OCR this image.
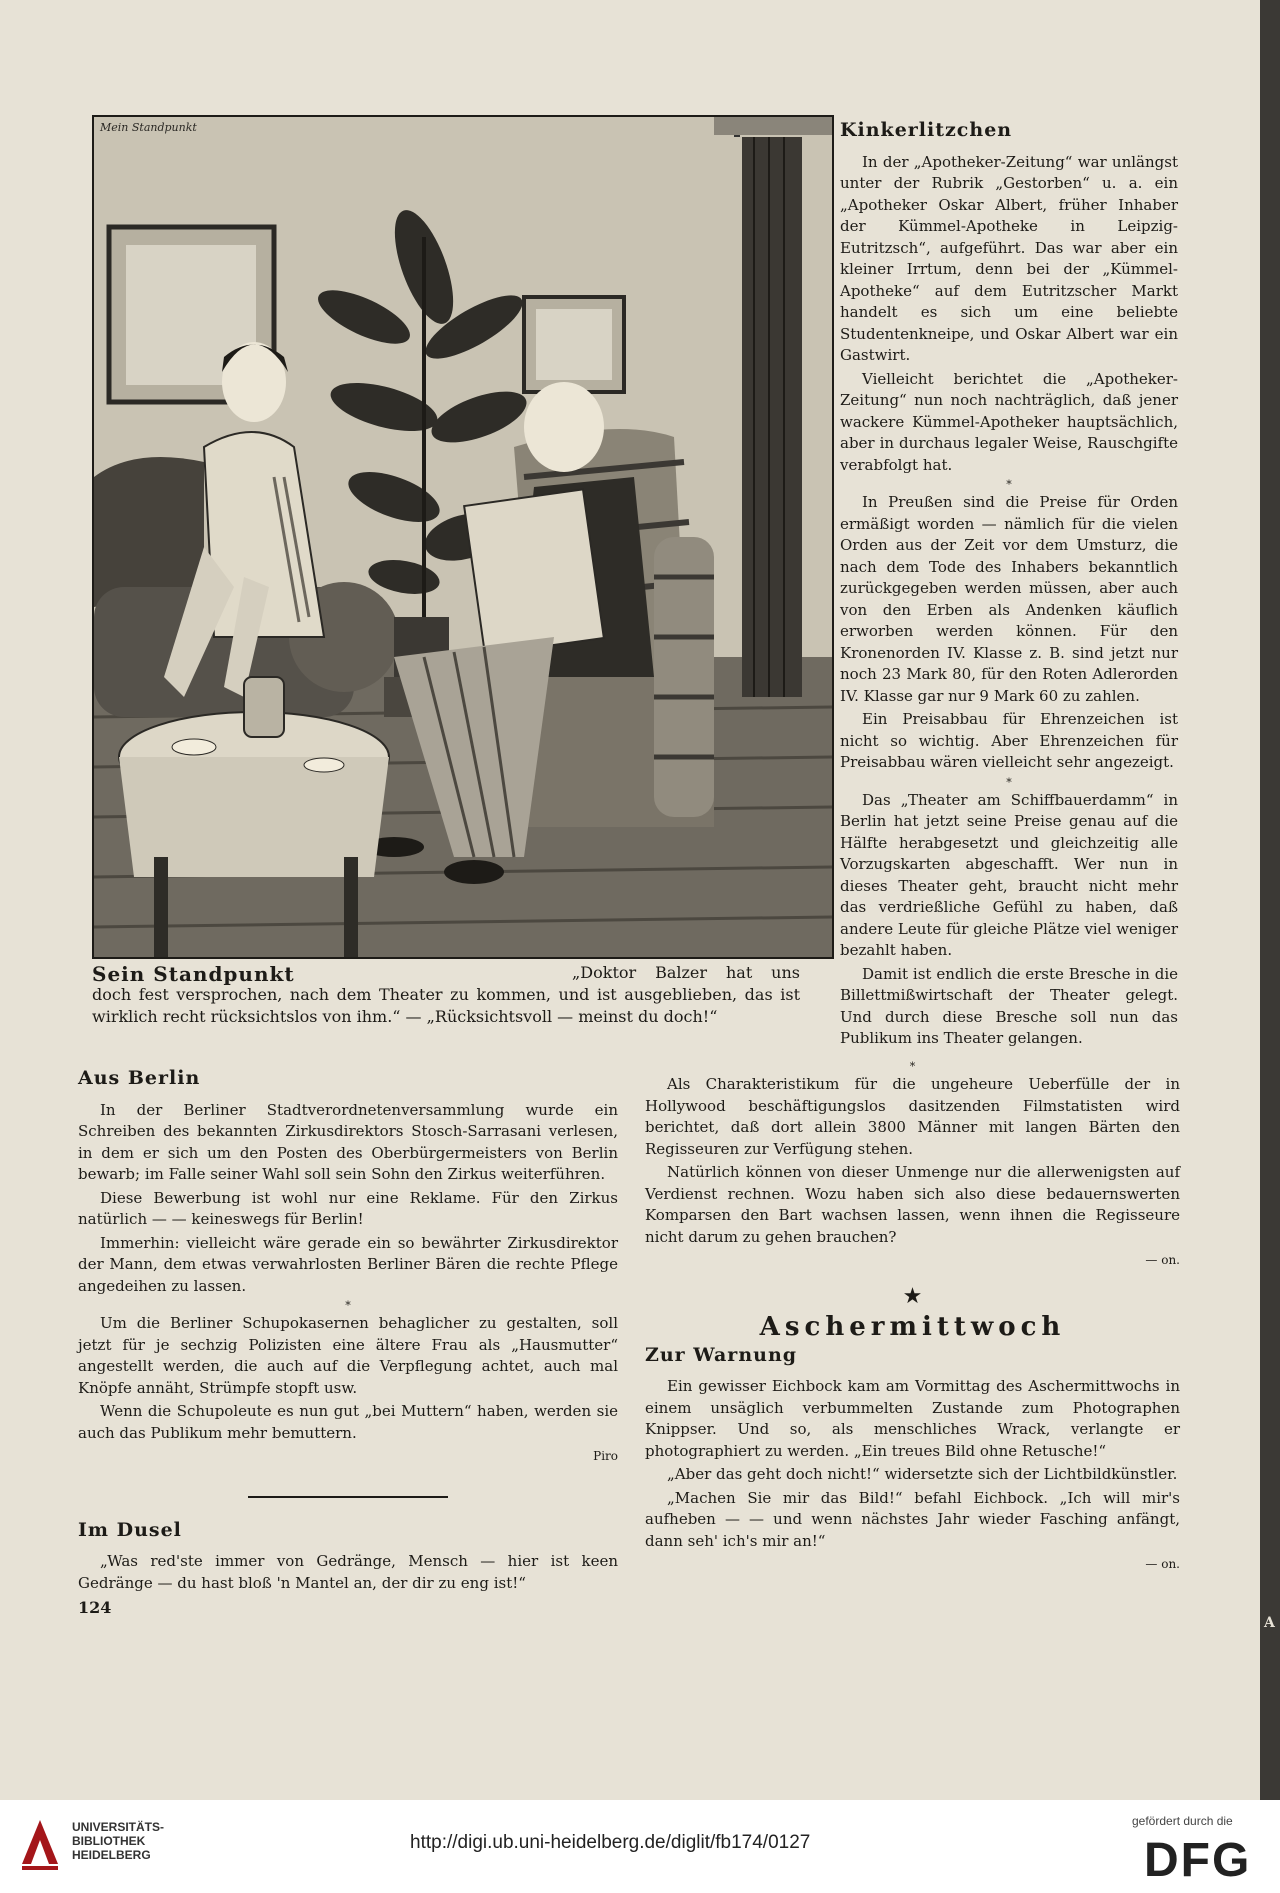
Mein Standpunkt
Sein Standpunkt	„Doktor Balzer hat uns doch fest versprochen, nach dem Theater zu kommen, und ist ausgeblieben, das ist wirklich recht rücksichtslos von ihm.“ — „Rücksichtsvoll — meinst du doch!“
Kinkerlitzchen

In der „Apotheker-Zeitung“ war unlängst unter der Rubrik „Gestorben“ u. a. ein „Apotheker Oskar Albert, früher Inhaber der Kümmel-Apotheke in Leipzig-Eutritzsch“, aufgeführt. Das war aber ein kleiner Irrtum, denn bei der „Kümmel-Apotheke“ auf dem Eutritzscher Markt handelt es sich um eine beliebte Studentenkneipe, und Oskar Albert war ein Gastwirt.

Vielleicht berichtet die „Apotheker-Zeitung“ nun noch nachträglich, daß jener wackere Kümmel-Apotheker hauptsächlich, aber in durchaus legaler Weise, Rauschgifte verabfolgt hat.

*

In Preußen sind die Preise für Orden ermäßigt worden — nämlich für die vielen Orden aus der Zeit vor dem Umsturz, die nach dem Tode des Inhabers bekanntlich zurückgegeben werden müssen, aber auch von den Erben als Andenken käuflich erworben werden können. Für den Kronenorden IV. Klasse z. B. sind jetzt nur noch 23 Mark 80, für den Roten Adlerorden IV. Klasse gar nur 9 Mark 60 zu zahlen.

Ein Preisabbau für Ehrenzeichen ist nicht so wichtig. Aber Ehrenzeichen für Preisabbau wären vielleicht sehr angezeigt.

*

Das „Theater am Schiffbauerdamm“ in Berlin hat jetzt seine Preise genau auf die Hälfte herabgesetzt und gleichzeitig alle Vorzugskarten abgeschafft. Wer nun in dieses Theater geht, braucht nicht mehr das verdrießliche Gefühl zu haben, daß andere Leute für gleiche Plätze viel weniger bezahlt haben.

Damit ist endlich die erste Bresche in die Billettmißwirtschaft der Theater gelegt. Und durch diese Bresche soll nun das Publikum ins Theater gelangen.

*

Als Charakteristikum für die ungeheure Ueberfülle der in Hollywood beschäftigungslos dasitzenden Filmstatisten wird berichtet, daß dort allein 3800 Männer mit langen Bärten den Regisseuren zur Verfügung stehen.

Natürlich können von dieser Unmenge nur die allerwenigsten auf Verdienst rechnen. Wozu haben sich also diese bedauernswerten Komparsen den Bart wachsen lassen, wenn ihnen die Regisseure nicht darum zu gehen brauchen?

— on.

★
Aschermittwoch
Zur Warnung

Ein gewisser Eichbock kam am Vormittag des Aschermittwochs in einem unsäglich verbummelten Zustande zum Photographen Knippser. Und so, als menschliches Wrack, verlangte er photographiert zu werden. „Ein treues Bild ohne Retusche!“

„Aber das geht doch nicht!“ widersetzte sich der Lichtbildkünstler.

„Machen Sie mir das Bild!“ befahl Eichbock. „Ich will mir's aufheben — — und wenn nächstes Jahr wieder Fasching anfängt, dann seh' ich's mir an!“

— on.

Aus Berlin

In der Berliner Stadtverordnetenversammlung wurde ein Schreiben des bekannten Zirkusdirektors Stosch-Sarrasani verlesen, in dem er sich um den Posten des Oberbürgermeisters von Berlin bewarb; im Falle seiner Wahl soll sein Sohn den Zirkus weiterführen.

Diese Bewerbung ist wohl nur eine Reklame. Für den Zirkus natürlich — — keineswegs für Berlin!

Immerhin: vielleicht wäre gerade ein so bewährter Zirkusdirektor der Mann, dem etwas verwahrlosten Berliner Bären die rechte Pflege angedeihen zu lassen.

*

Um die Berliner Schupokasernen behaglicher zu gestalten, soll jetzt für je sechzig Polizisten eine ältere Frau als „Hausmutter“ angestellt werden, die auch auf die Verpflegung achtet, auch mal Knöpfe annäht, Strümpfe stopft usw.

Wenn die Schupoleute es nun gut „bei Muttern“ haben, werden sie auch das Publikum mehr bemuttern.

Piro

Im Dusel

„Was red'ste immer von Gedränge, Mensch — hier ist keen Gedränge — du hast bloß 'n Mantel an, der dir zu eng ist!“

124
A
UNIVERSITÄTS-
BIBLIOTHEK
HEIDELBERG
http://digi.ub.uni-heidelberg.de/diglit/fb174/0127
gefördert durch die
DFG
